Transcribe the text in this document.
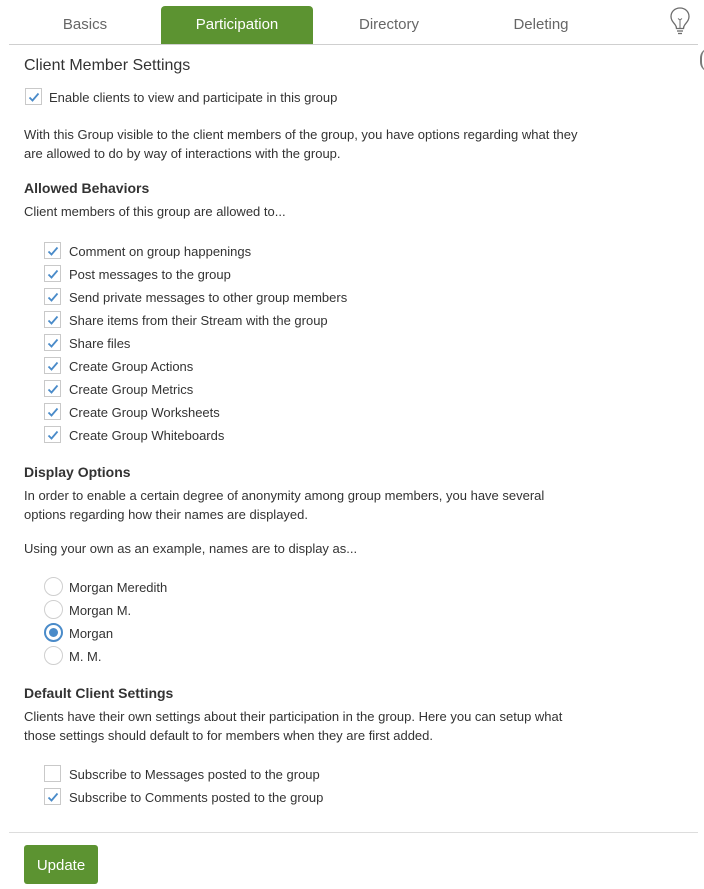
Basics	Participation	Directory	Deleting
Client Member Settings
Enable clients to view and participate in this group
With this Group visible to the client members of the group, you have options regarding what they are allowed to do by way of interactions with the group.
Allowed Behaviors
Client members of this group are allowed to...
Comment on group happenings
Post messages to the group
Send private messages to other group members
Share items from their Stream with the group
Share files
Create Group Actions
Create Group Metrics
Create Group Worksheets
Create Group Whiteboards
Display Options
In order to enable a certain degree of anonymity among group members, you have several options regarding how their names are displayed.
Using your own as an example, names are to display as...
Morgan Meredith
Morgan M.
Morgan
M. M.
Default Client Settings
Clients have their own settings about their participation in the group. Here you can setup what those settings should default to for members when they are first added.
Subscribe to Messages posted to the group
Subscribe to Comments posted to the group
Update
